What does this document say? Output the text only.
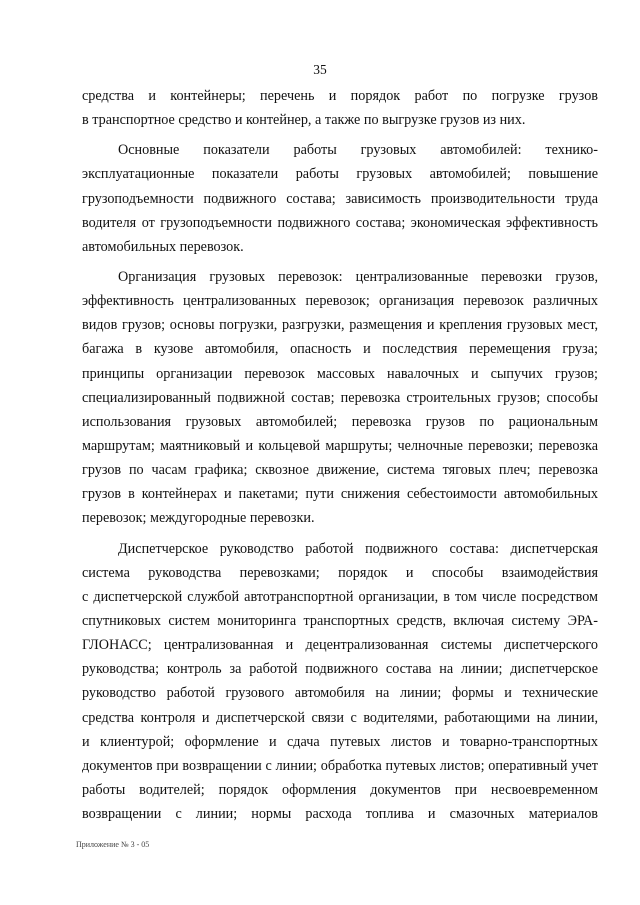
35
средства и контейнеры; перечень и порядок работ по погрузке грузов
в транспортное средство и контейнер, а также по выгрузке грузов из них.
Основные показатели работы грузовых автомобилей: технико-
эксплуатационные показатели работы грузовых автомобилей; повышение
грузоподъемности подвижного состава; зависимость производительности труда
водителя от грузоподъемности подвижного состава; экономическая эффективность
автомобильных перевозок.
Организация грузовых перевозок: централизованные перевозки грузов,
эффективность централизованных перевозок; организация перевозок различных
видов грузов; основы погрузки, разгрузки, размещения и крепления грузовых мест,
багажа в кузове автомобиля, опасность и последствия перемещения груза;
принципы организации перевозок массовых навалочных и сыпучих грузов;
специализированный подвижной состав; перевозка строительных грузов; способы
использования грузовых автомобилей; перевозка грузов по рациональным
маршрутам; маятниковый и кольцевой маршруты; челночные перевозки; перевозка
грузов по часам графика; сквозное движение, система тяговых плеч; перевозка
грузов в контейнерах и пакетами; пути снижения себестоимости автомобильных
перевозок; междугородные перевозки.
Диспетчерское руководство работой подвижного состава: диспетчерская
система руководства перевозками; порядок и способы взаимодействия
с диспетчерской службой автотранспортной организации, в том числе посредством
спутниковых систем мониторинга транспортных средств, включая систему ЭРА-
ГЛОНАСС; централизованная и децентрализованная системы диспетчерского
руководства; контроль за работой подвижного состава на линии; диспетчерское
руководство работой грузового автомобиля на линии; формы и технические
средства контроля и диспетчерской связи с водителями, работающими на линии,
и клиентурой; оформление и сдача путевых листов и товарно-транспортных
документов при возвращении с линии; обработка путевых листов; оперативный учет
работы водителей; порядок оформления документов при несвоевременном
возвращении с линии; нормы расхода топлива и смазочных материалов
Приложение № 3 - 05
